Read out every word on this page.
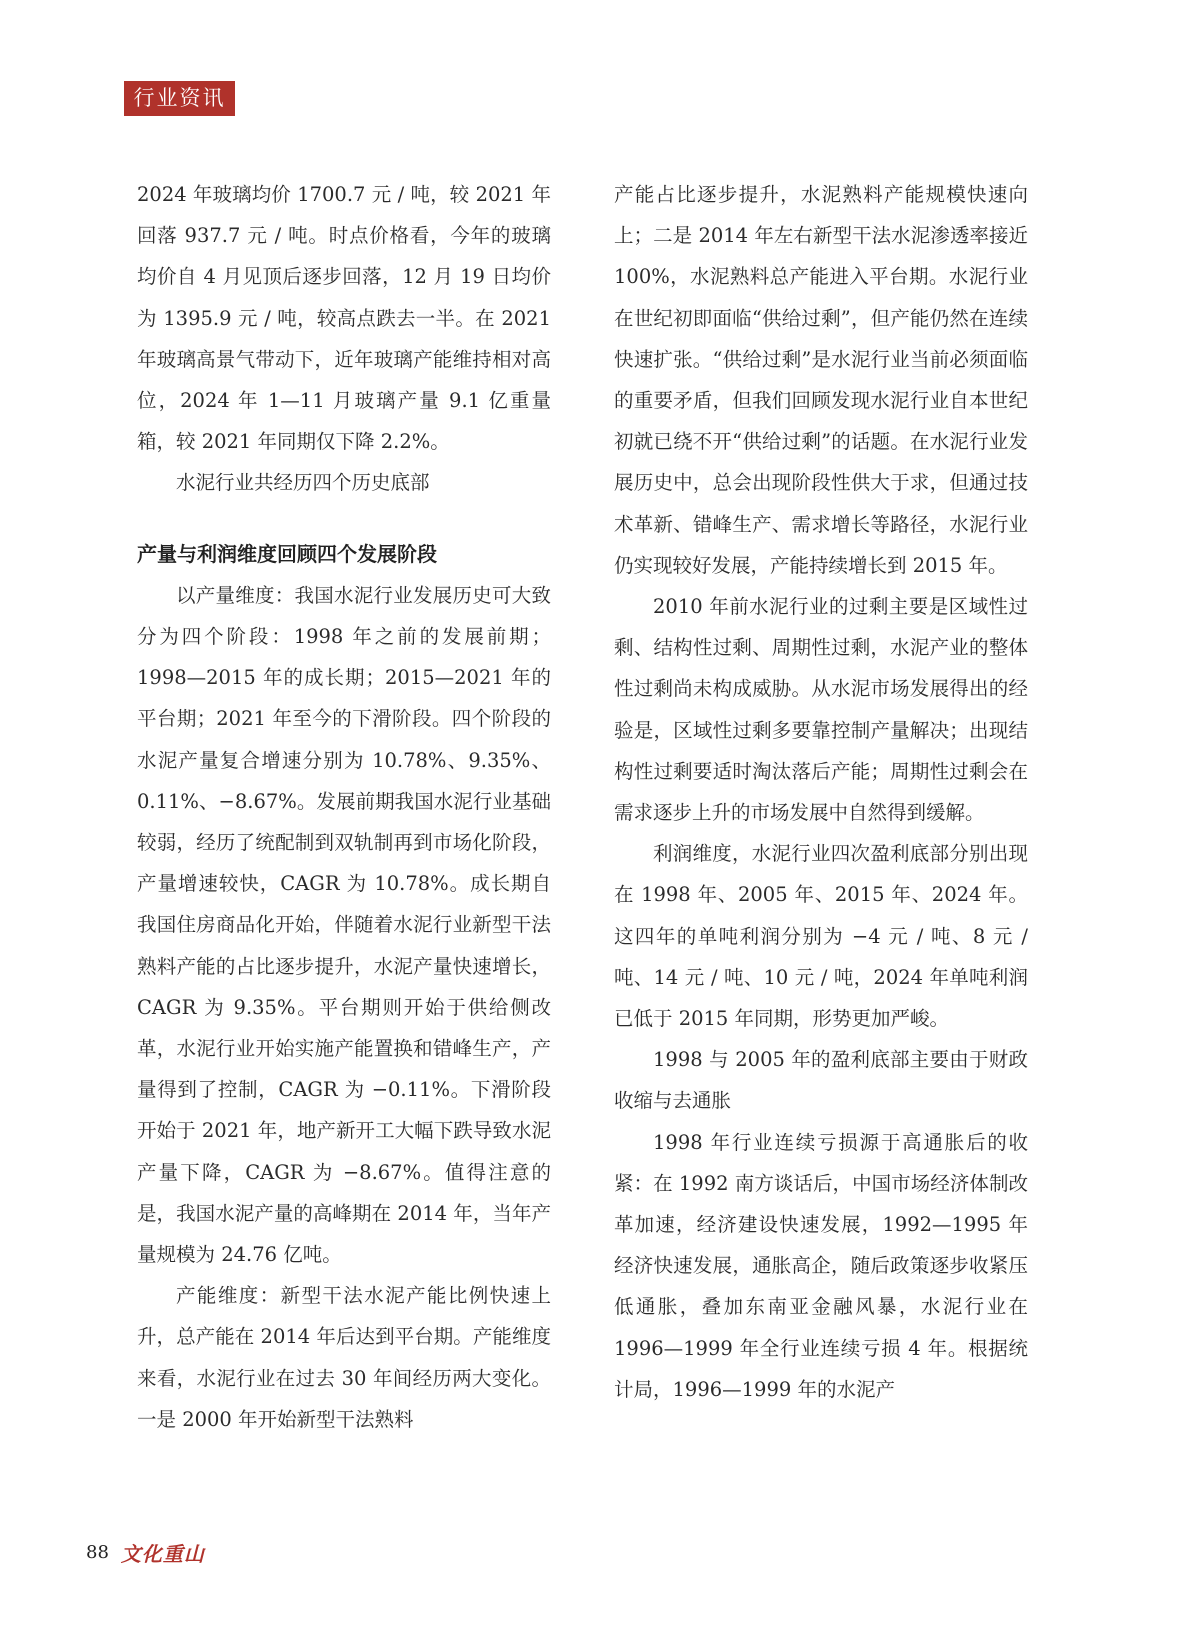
行业资讯

2024 年玻璃均价 1700.7 元 / 吨，较 2021 年回落 937.7 元 / 吨。时点价格看，今年的玻璃均价自 4 月见顶后逐步回落，12 月 19 日均价为 1395.9 元 / 吨，较高点跌去一半。在 2021 年玻璃高景气带动下，近年玻璃产能维持相对高位，2024 年 1—11 月玻璃产量 9.1 亿重量箱，较 2021 年同期仅下降 2.2%。

水泥行业共经历四个历史底部

产量与利润维度回顾四个发展阶段

以产量维度：我国水泥行业发展历史可大致分为四个阶段：1998 年之前的发展前期；1998—2015 年的成长期；2015—2021 年的平台期；2021 年至今的下滑阶段。四个阶段的水泥产量复合增速分别为 10.78%、9.35%、0.11%、−8.67%。发展前期我国水泥行业基础较弱，经历了统配制到双轨制再到市场化阶段，产量增速较快，CAGR 为 10.78%。成长期自我国住房商品化开始，伴随着水泥行业新型干法熟料产能的占比逐步提升，水泥产量快速增长，CAGR 为 9.35%。平台期则开始于供给侧改革，水泥行业开始实施产能置换和错峰生产，产量得到了控制，CAGR 为 −0.11%。下滑阶段开始于 2021 年，地产新开工大幅下跌导致水泥产量下降，CAGR 为 −8.67%。值得注意的是，我国水泥产量的高峰期在 2014 年，当年产量规模为 24.76 亿吨。

产能维度：新型干法水泥产能比例快速上升，总产能在 2014 年后达到平台期。产能维度来看，水泥行业在过去 30 年间经历两大变化。一是 2000 年开始新型干法熟料

产能占比逐步提升，水泥熟料产能规模快速向上；二是 2014 年左右新型干法水泥渗透率接近 100%，水泥熟料总产能进入平台期。水泥行业在世纪初即面临“供给过剩”，但产能仍然在连续快速扩张。“供给过剩”是水泥行业当前必须面临的重要矛盾，但我们回顾发现水泥行业自本世纪初就已绕不开“供给过剩”的话题。在水泥行业发展历史中，总会出现阶段性供大于求，但通过技术革新、错峰生产、需求增长等路径，水泥行业仍实现较好发展，产能持续增长到 2015 年。

2010 年前水泥行业的过剩主要是区域性过剩、结构性过剩、周期性过剩，水泥产业的整体性过剩尚未构成威胁。从水泥市场发展得出的经验是，区域性过剩多要靠控制产量解决；出现结构性过剩要适时淘汰落后产能；周期性过剩会在需求逐步上升的市场发展中自然得到缓解。

利润维度，水泥行业四次盈利底部分别出现在 1998 年、2005 年、2015 年、2024 年。这四年的单吨利润分别为 −4 元 / 吨、8 元 / 吨、14 元 / 吨、10 元 / 吨，2024 年单吨利润已低于 2015 年同期，形势更加严峻。

1998 与 2005 年的盈利底部主要由于财政收缩与去通胀

1998 年行业连续亏损源于高通胀后的收紧：在 1992 南方谈话后，中国市场经济体制改革加速，经济建设快速发展，1992—1995 年经济快速发展，通胀高企，随后政策逐步收紧压低通胀，叠加东南亚金融风暴，水泥行业在 1996—1999 年全行业连续亏损 4 年。根据统计局，1996—1999 年的水泥产

88 文化重山
